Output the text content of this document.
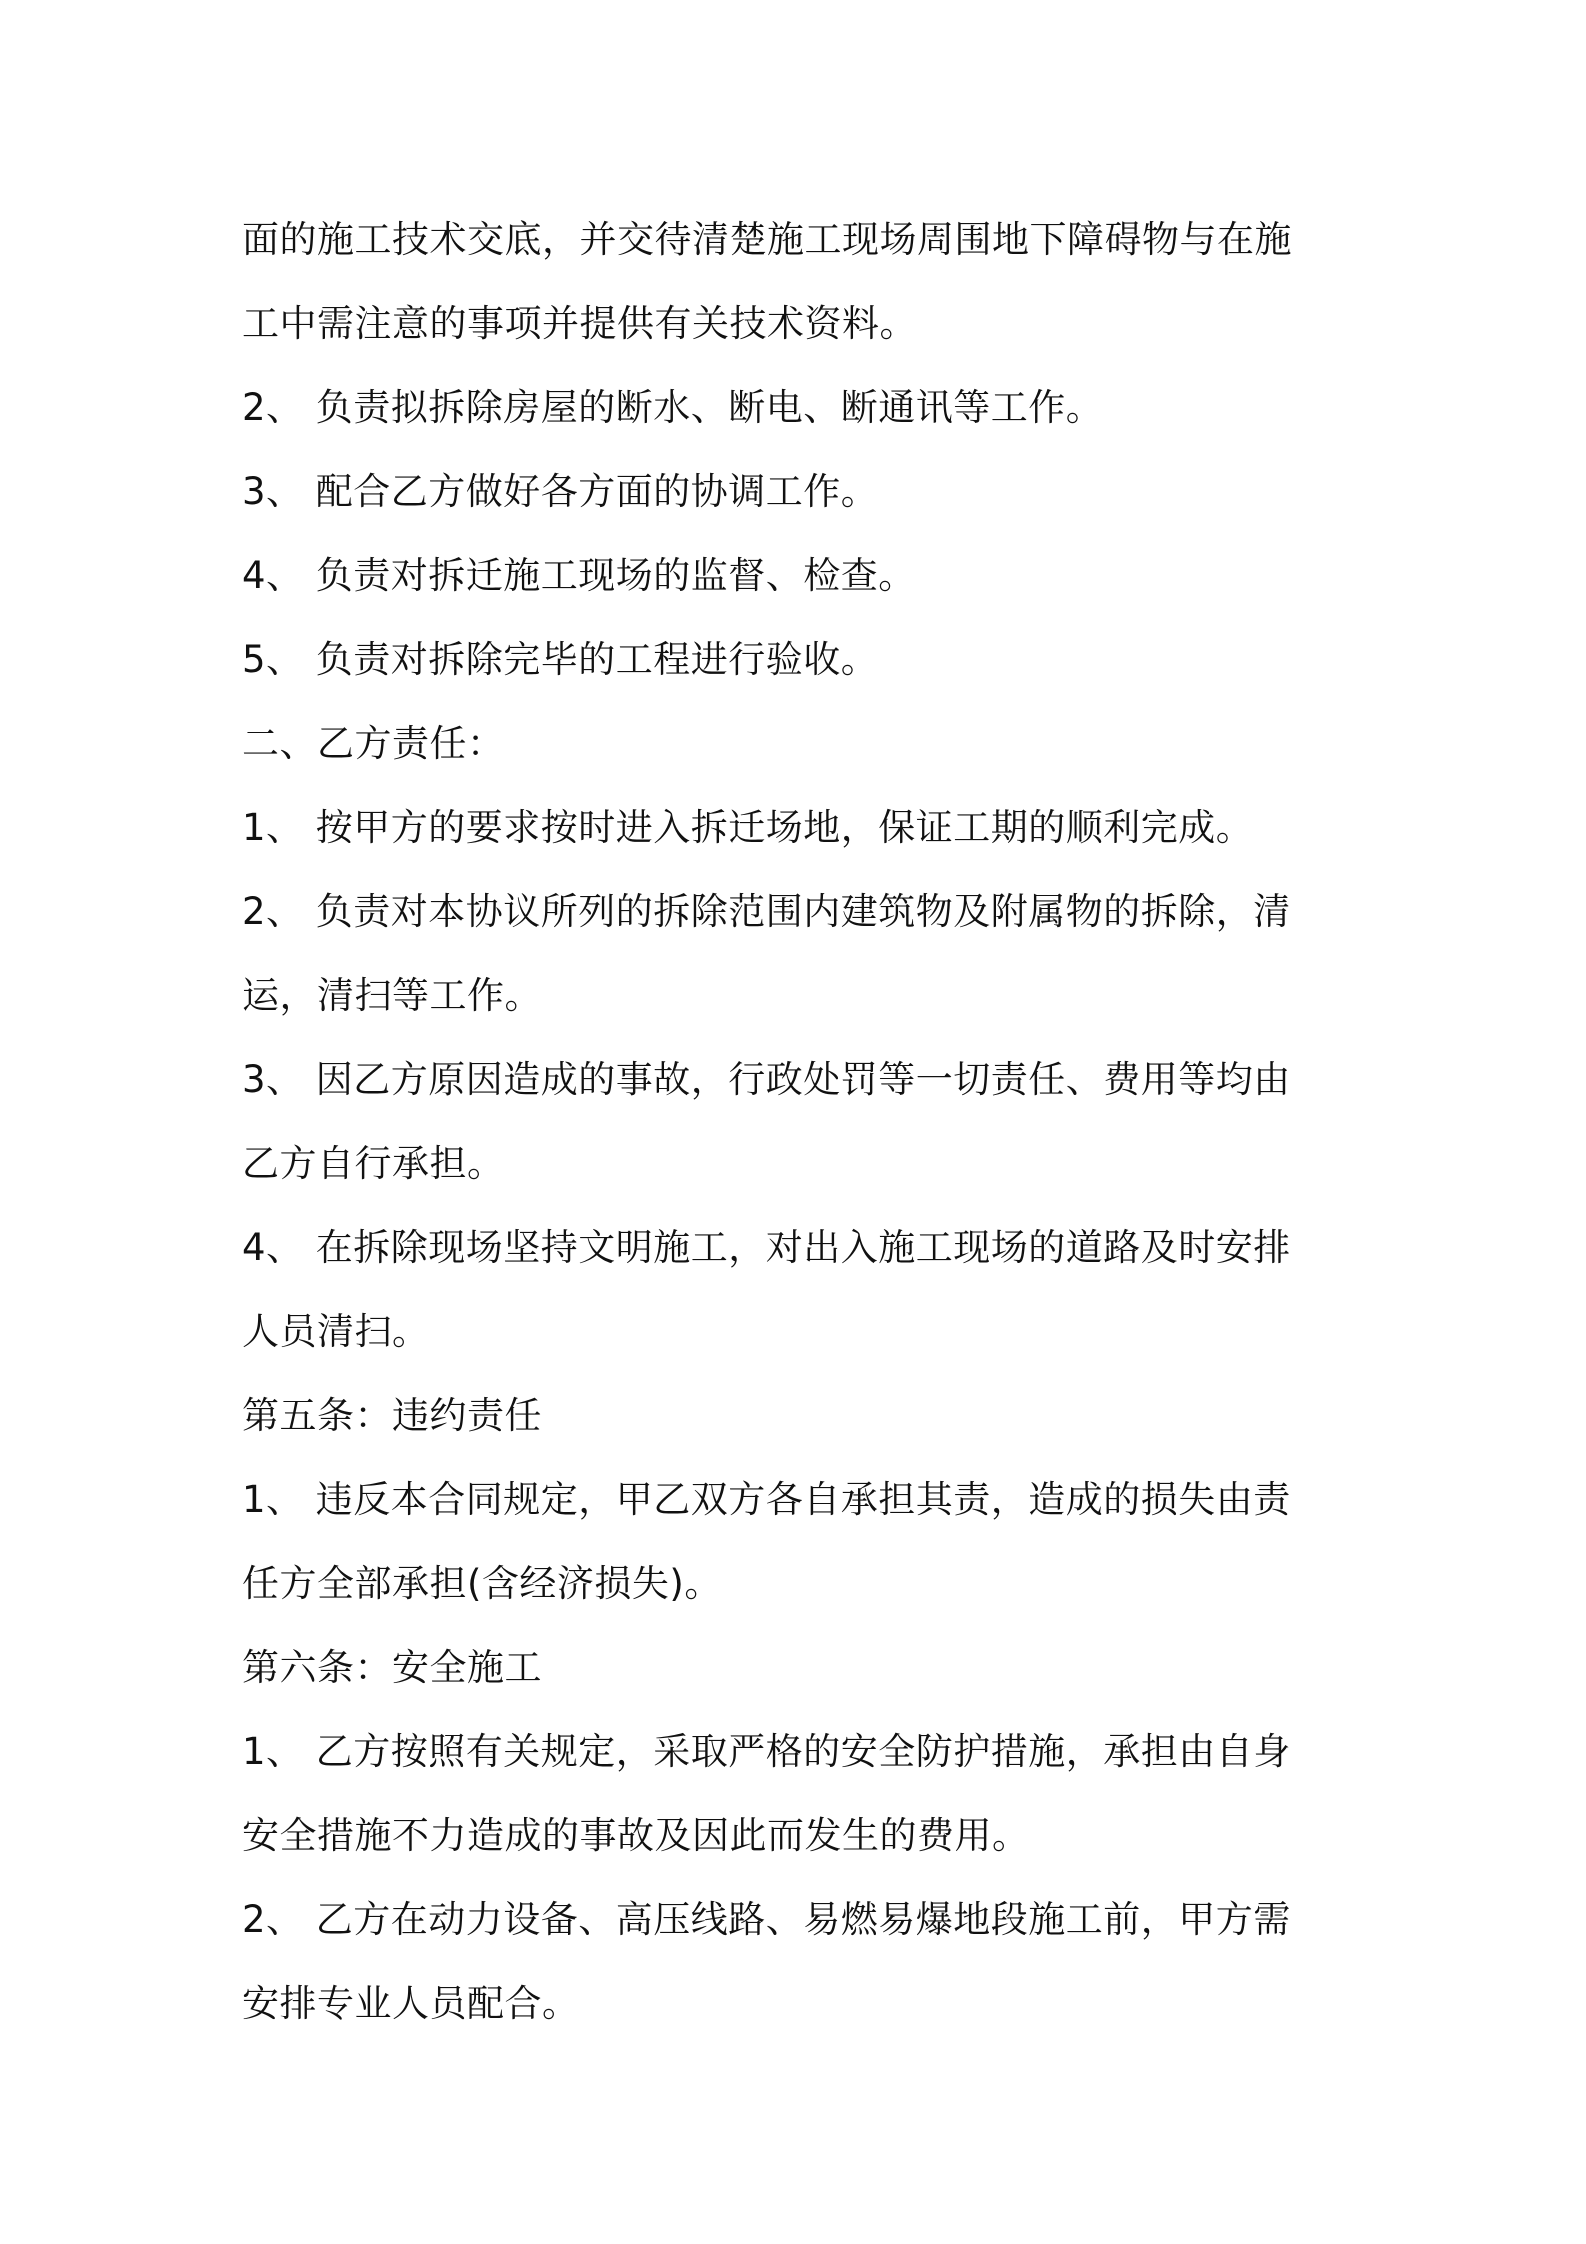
面的施工技术交底，并交待清楚施工现场周围地下障碍物与在施
工中需注意的事项并提供有关技术资料。
2、 负责拟拆除房屋的断水、断电、断通讯等工作。
3、 配合乙方做好各方面的协调工作。
4、 负责对拆迁施工现场的监督、检查。
5、 负责对拆除完毕的工程进行验收。
二、乙方责任：
1、 按甲方的要求按时进入拆迁场地，保证工期的顺利完成。
2、 负责对本协议所列的拆除范围内建筑物及附属物的拆除，清
运，清扫等工作。
3、 因乙方原因造成的事故，行政处罚等一切责任、费用等均由
乙方自行承担。
4、 在拆除现场坚持文明施工，对出入施工现场的道路及时安排
人员清扫。
第五条：违约责任
1、 违反本合同规定，甲乙双方各自承担其责，造成的损失由责
任方全部承担(含经济损失)。
第六条：安全施工
1、 乙方按照有关规定，采取严格的安全防护措施，承担由自身
安全措施不力造成的事故及因此而发生的费用。
2、 乙方在动力设备、高压线路、易燃易爆地段施工前，甲方需
安排专业人员配合。
